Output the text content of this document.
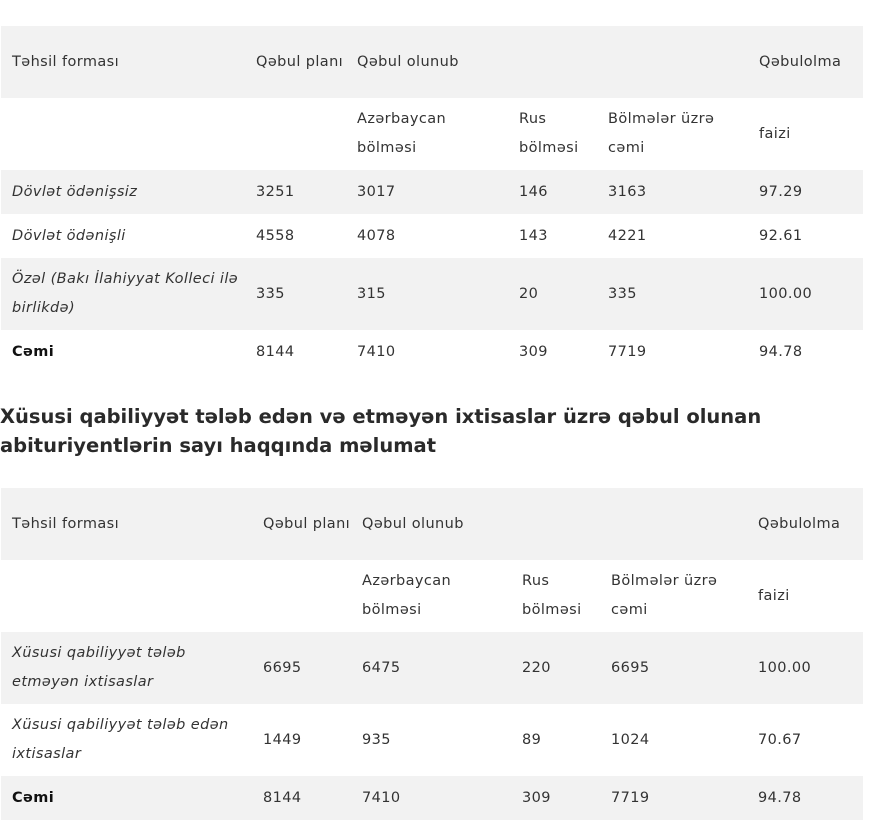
Təhsil forması	Qəbul planı	Qəbul olunub			Qəbulolma
		Azərbaycan bölməsi	Rus bölməsi	Bölmələr üzrə cəmi	faizi
Dövlət ödənişsiz	3251	3017	146	3163	97.29
Dövlət ödənişli	4558	4078	143	4221	92.61
Özəl (Bakı İlahiyyat Kolleci ilə birlikdə)	335	315	20	335	100.00
Cəmi	8144	7410	309	7719	94.78
Xüsusi qabiliyyət tələb edən və etməyən ixtisaslar üzrə qəbul olunan abituriyentlərin sayı haqqında məlumat
Təhsil forması	Qəbul planı	Qəbul olunub			Qəbulolma
		Azərbaycan bölməsi	Rus bölməsi	Bölmələr üzrə cəmi	faizi
Xüsusi qabiliyyət tələb etməyən ixtisaslar	6695	6475	220	6695	100.00
Xüsusi qabiliyyət tələb edən ixtisaslar	1449	935	89	1024	70.67
Cəmi	8144	7410	309	7719	94.78
